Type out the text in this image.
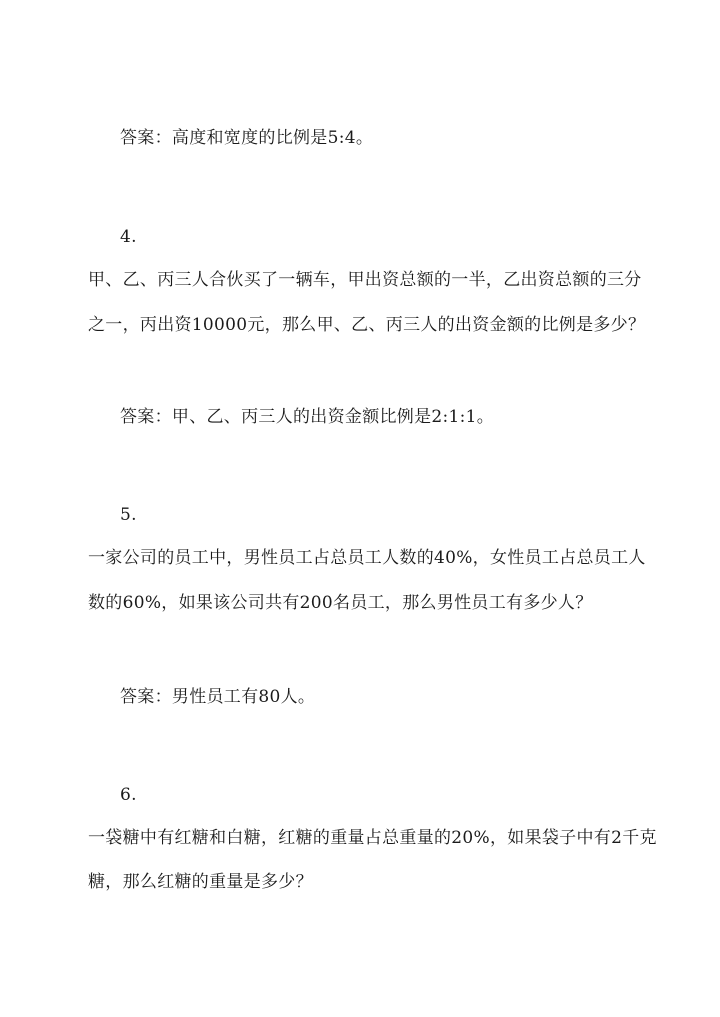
答案：高度和宽度的比例是5:4。
4.
甲、乙、丙三人合伙买了一辆车，甲出资总额的一半，乙出资总额的三分
之一，丙出资10000元，那么甲、乙、丙三人的出资金额的比例是多少？
答案：甲、乙、丙三人的出资金额比例是2:1:1。
5.
一家公司的员工中，男性员工占总员工人数的40%，女性员工占总员工人
数的60%，如果该公司共有200名员工，那么男性员工有多少人？
答案：男性员工有80人。
6.
一袋糖中有红糖和白糖，红糖的重量占总重量的20%，如果袋子中有2千克
糖，那么红糖的重量是多少？
